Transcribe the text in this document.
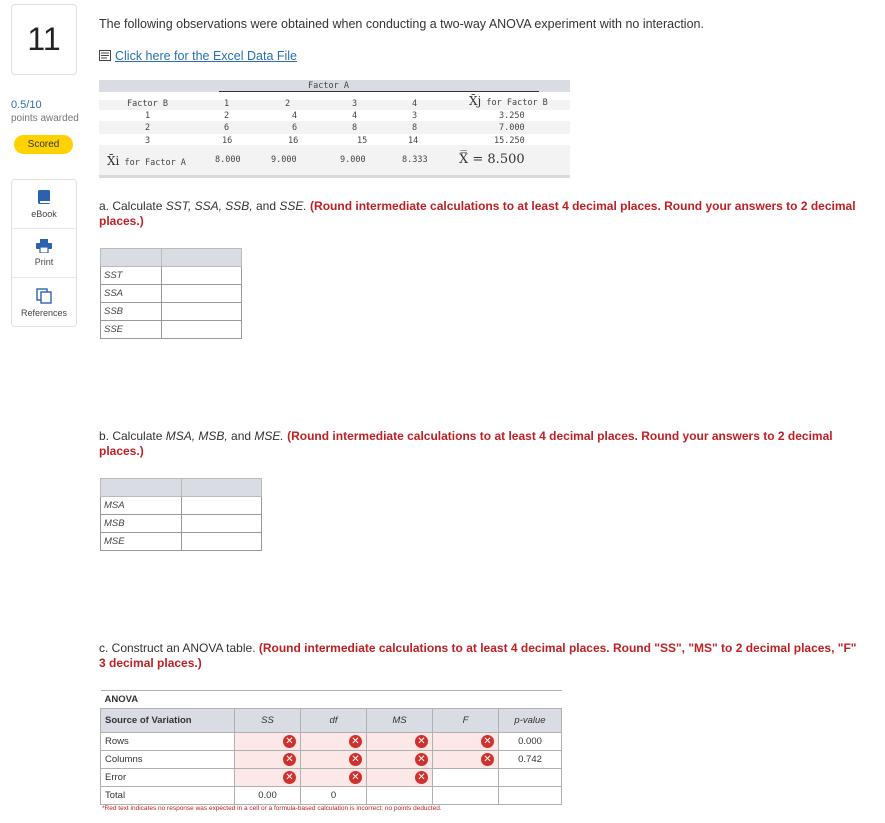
11
0.5/10
points awarded
Scored
eBook
Print
References
The following observations were obtained when conducting a two-way ANOVA experiment with no interaction.
Click here for the Excel Data File
Factor A
Factor B	1	2	3	4	X̄j for Factor B
1	2	4	4	3	3.250
2	6	6	8	8	7.000
3	16	16	15	14	15.250
X̄i for Factor A	8.000	9.000	9.000	8.333 X̿ = 8.500
a. Calculate SST, SSA, SSB, and SSE. (Round intermediate calculations to at least 4 decimal places. Round your answers to 2 decimal places.)

SST	
SSA	
SSB	
SSE	
b. Calculate MSA, MSB, and MSE. (Round intermediate calculations to at least 4 decimal places. Round your answers to 2 decimal places.)

MSA	
MSB	
MSE	
c. Construct an ANOVA table. (Round intermediate calculations to at least 4 decimal places. Round "SS", "MS" to 2 decimal places, "F" 3 decimal places.)
ANOVA					
Source of Variation	SS	df	MS	F	p-value
Rows	✕	✕	✕	✕	0.000
Columns	✕	✕	✕	✕	0.742
Error	✕	✕	✕		

Total	0.00	0			
*Red text indicates no response was expected in a cell or a formula-based calculation is incorrect; no points deducted.
